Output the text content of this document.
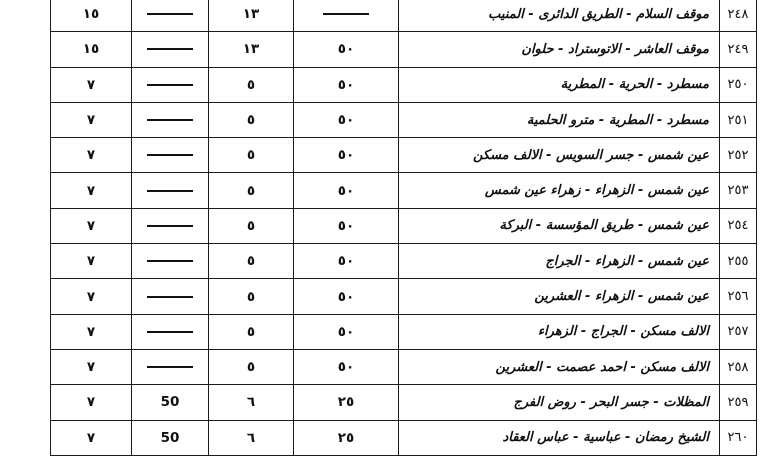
٢٤٨	موقف السلام - الطريق الدائرى - المنيب		١٣		١٥
٢٤٩	موقف العاشر - الاتوستراد - حلوان	٥٠	١٣		١٥
٢٥٠	مسطرد - الحرية - المطرية	٥٠	٥		٧
٢٥١	مسطرد - المطرية - مترو الحلمية	٥٠	٥		٧
٢٥٢	عين شمس - جسر السويس - الالف مسكن	٥٠	٥		٧
٢٥٣	عين شمس - الزهراء - زهراء عين شمس	٥٠	٥		٧
٢٥٤	عين شمس - طريق المؤسسة - البركة	٥٠	٥		٧
٢٥٥	عين شمس - الزهراء - الجراج	٥٠	٥		٧
٢٥٦	عين شمس - الزهراء - العشرين	٥٠	٥		٧
٢٥٧	الالف مسكن - الجراج - الزهراء	٥٠	٥		٧
٢٥٨	الالف مسكن - احمد عصمت - العشرين	٥٠	٥		٧
٢٥٩	المظلات - جسر البحر - روض الفرج	٢٥	٦	50	٧
٢٦٠	الشيخ رمضان - عباسية - عباس العقاد	٢٥	٦	50	٧
